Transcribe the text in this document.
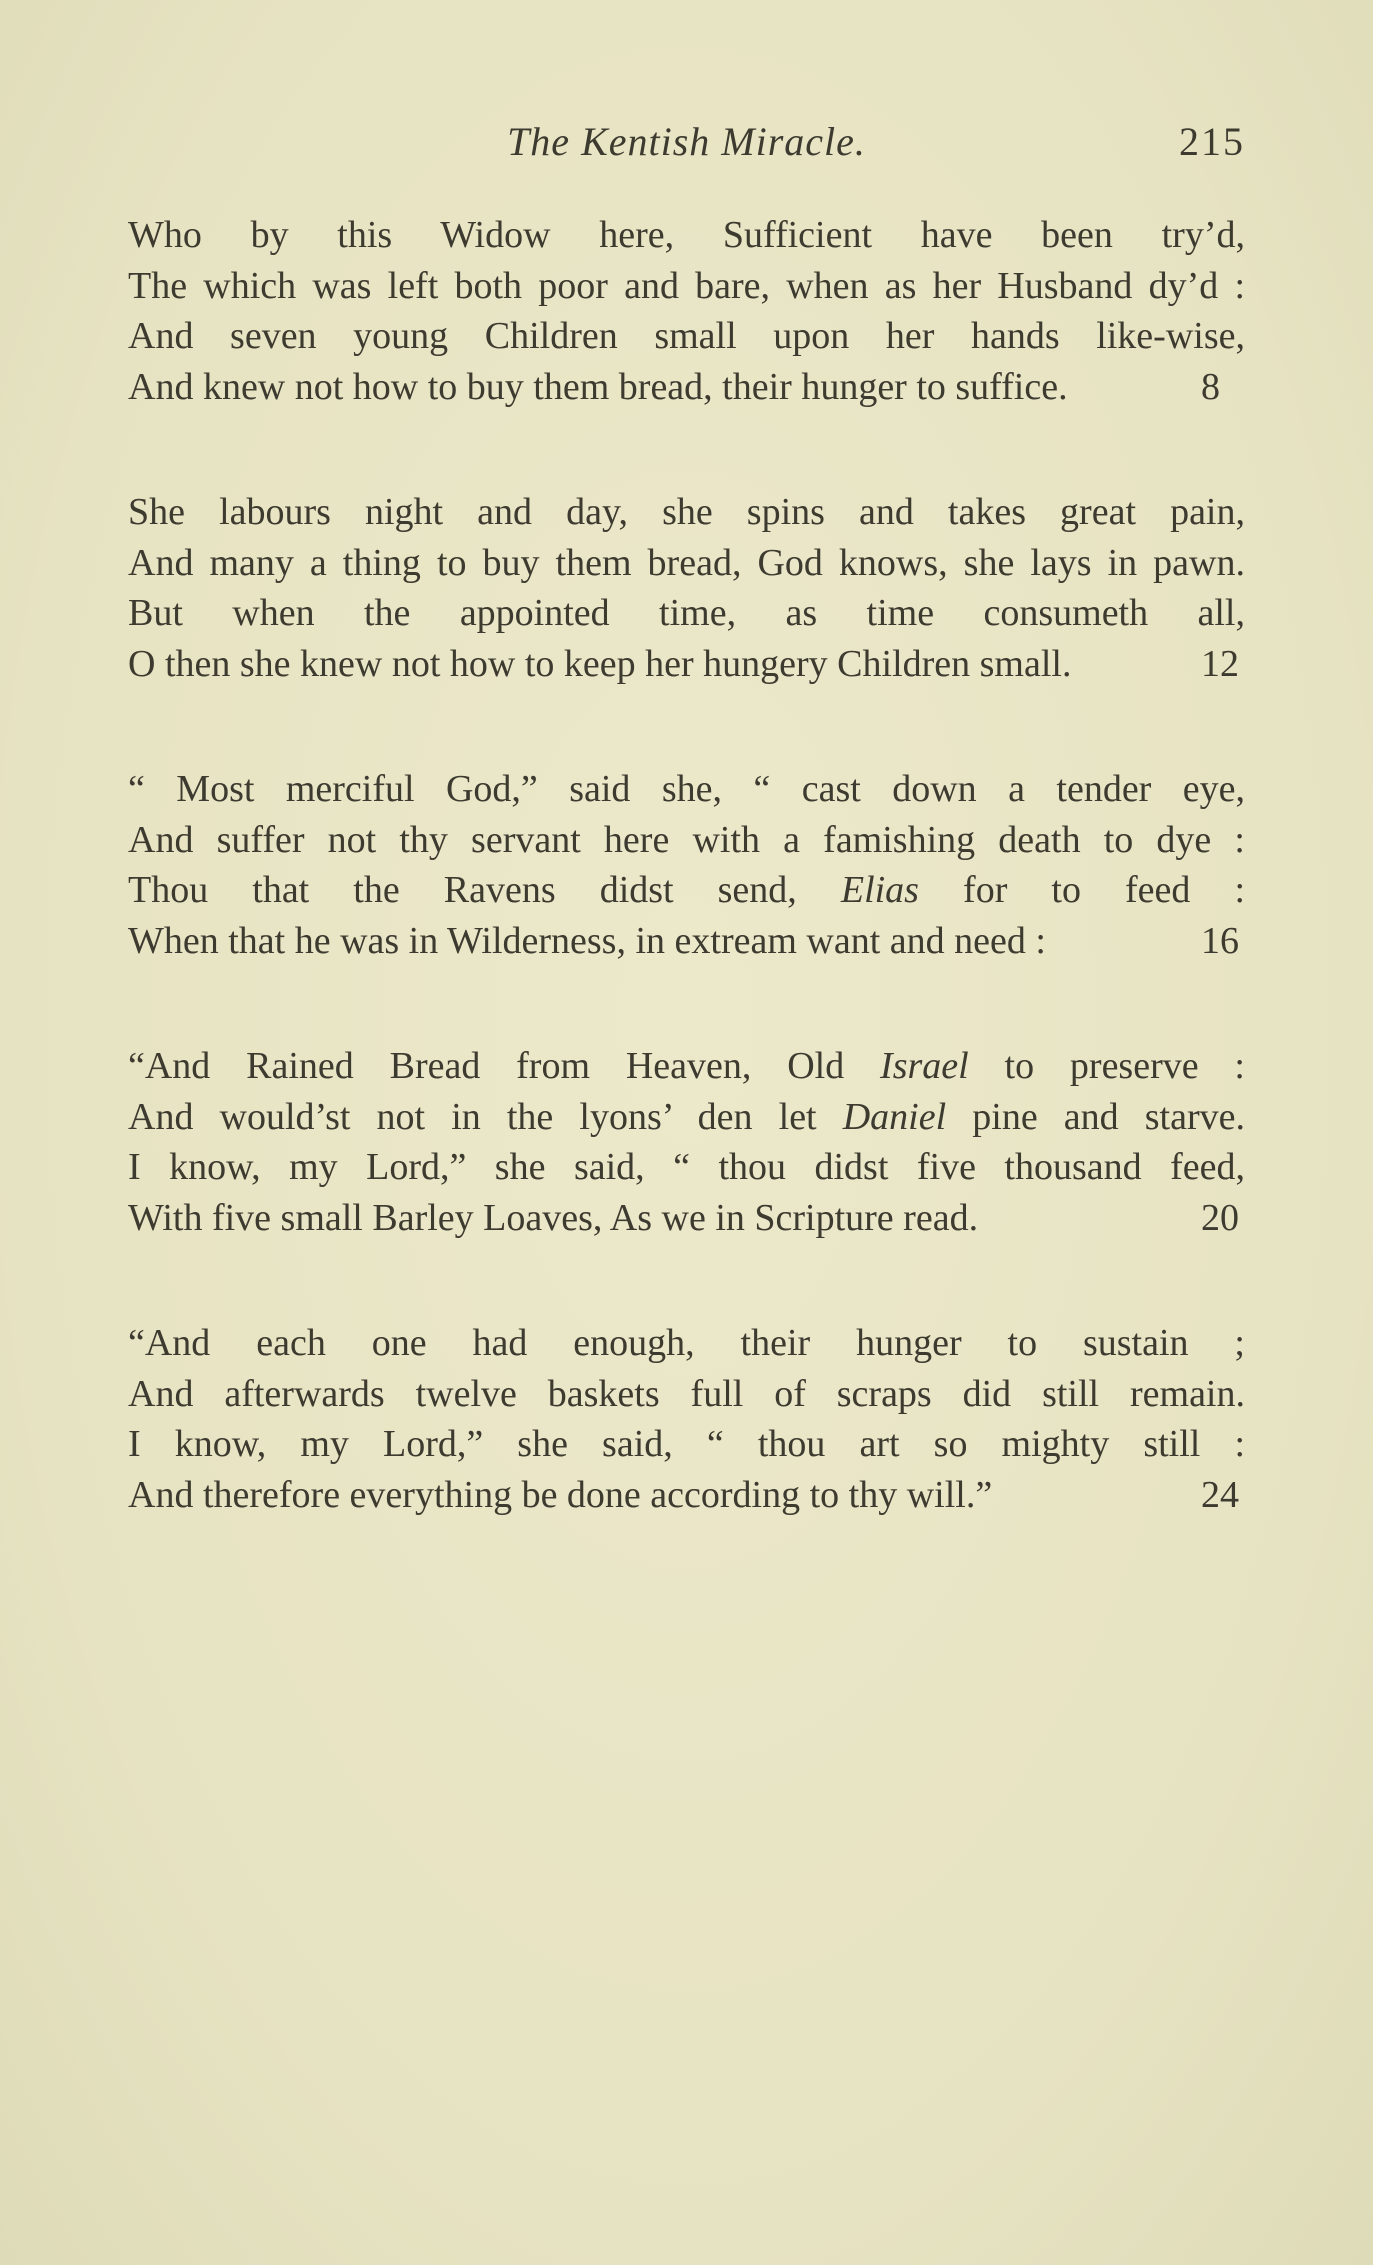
The Kentish Miracle.	215
Who by this Widow here, Sufficient have been try’d,
The which was left both poor and bare, when as her Husband dy’d :
And seven young Children small upon her hands like-wise,
And knew not how to buy them bread, their hunger to suffice.	8
She labours night and day, she spins and takes great pain,
And many a thing to buy them bread, God knows, she lays in pawn.
But when the appointed time, as time consumeth all,
O then she knew not how to keep her hungery Children small.	12
“ Most merciful God,” said she, “ cast down a tender eye,
And suffer not thy servant here with a famishing death to dye :
Thou that the Ravens didst send, Elias for to feed :
When that he was in Wilderness, in extream want and need :	16
“And Rained Bread from Heaven, Old Israel to preserve :
And would’st not in the lyons’ den let Daniel pine and starve.
I know, my Lord,” she said, “ thou didst five thousand feed,
With five small Barley Loaves, As we in Scripture read.	20
“And each one had enough, their hunger to sustain ;
And afterwards twelve baskets full of scraps did still remain.
I know, my Lord,” she said, “ thou art so mighty still :
And therefore everything be done according to thy will.”	24
